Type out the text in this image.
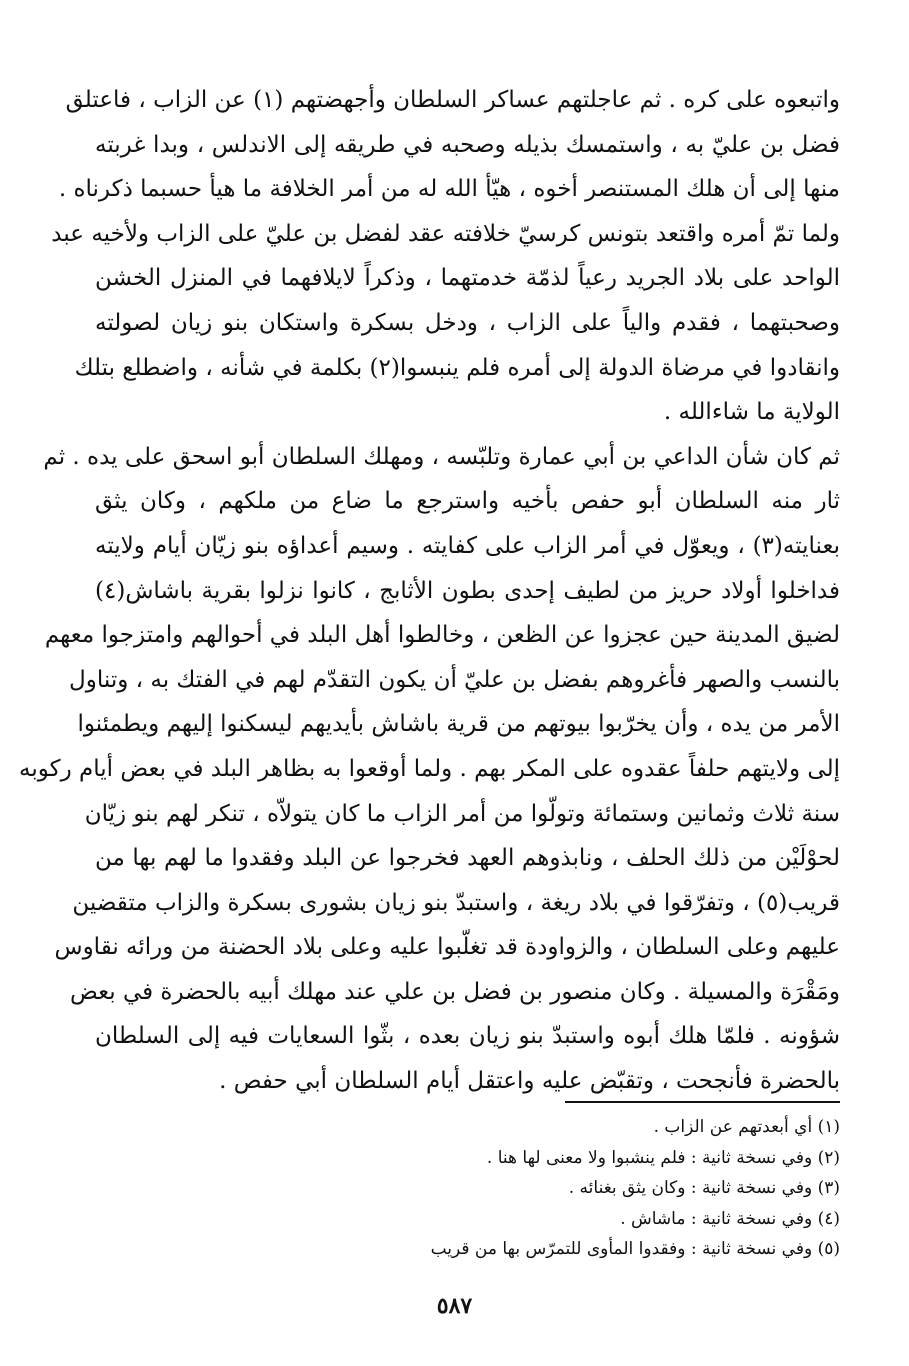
واتبعوه على كره . ثم عاجلتهم عساكر السلطان وأجهضتهم (١) عن الزاب ، فاعتلق
فضل بن عليّ به ، واستمسك بذيله وصحبه في طريقه إلى الاندلس ، وبدا غربته
منها إلى أن هلك المستنصر أخوه ، هيّأ الله له من أمر الخلافة ما هيأ حسبما ذكرناه .
ولما تمّ أمره واقتعد بتونس كرسيّ خلافته عقد لفضل بن عليّ على الزاب ولأخيه عبد
الواحد على بلاد الجريد رعياً لذمّة خدمتهما ، وذكراً لايلافهما في المنزل الخشن
وصحبتهما ، فقدم والياً على الزاب ، ودخل بسكرة واستكان بنو زيان لصولته
وانقادوا في مرضاة الدولة إلى أمره فلم ينبسوا(٢) بكلمة في شأنه ، واضطلع بتلك
الولاية ما شاءالله .
ثم كان شأن الداعي بن أبي عمارة وتلبّسه ، ومهلك السلطان أبو اسحق على يده . ثم
ثار منه السلطان أبو حفص بأخيه واسترجع ما ضاع من ملكهم ، وكان يثق
بعنايته(٣) ، ويعوّل في أمر الزاب على كفايته . وسيم أعداؤه بنو زيّان أيام ولايته
فداخلوا أولاد حريز من لطيف إحدى بطون الأثابج ، كانوا نزلوا بقرية باشاش(٤)
لضيق المدينة حين عجزوا عن الظعن ، وخالطوا أهل البلد في أحوالهم وامتزجوا معهم
بالنسب والصهر فأغروهم بفضل بن عليّ أن يكون التقدّم لهم في الفتك به ، وتناول
الأمر من يده ، وأن يخرّبوا بيوتهم من قرية باشاش بأيديهم ليسكنوا إليهم ويطمئنوا
إلى ولايتهم حلفاً عقدوه على المكر بهم . ولما أوقعوا به بظاهر البلد في بعض أيام ركوبه
سنة ثلاث وثمانين وستمائة وتولّوا من أمر الزاب ما كان يتولاّه ، تنكر لهم بنو زيّان
لحوْلَيْن من ذلك الحلف ، ونابذوهم العهد فخرجوا عن البلد وفقدوا ما لهم بها من
قريب(٥) ، وتفرّقوا في بلاد ريغة ، واستبدّ بنو زيان بشورى بسكرة والزاب متقضين
عليهم وعلى السلطان ، والزواودة قد تغلّبوا عليه وعلى بلاد الحضنة من ورائه نقاوس
ومَقْرَة والمسيلة . وكان منصور بن فضل بن علي عند مهلك أبيه بالحضرة في بعض
شؤونه . فلمّا هلك أبوه واستبدّ بنو زيان بعده ، بثّوا السعايات فيه إلى السلطان
بالحضرة فأنجحت ، وتقبّض عليه واعتقل أيام السلطان أبي حفص .
(١) أي أبعدتهم عن الزاب .
(٢) وفي نسخة ثانية : فلم ينشبوا ولا معنى لها هنا .
(٣) وفي نسخة ثانية : وكان يثق بغنائه .
(٤) وفي نسخة ثانية : ماشاش .
(٥) وفي نسخة ثانية : وفقدوا المأوى للتمرّس بها من قريب
٥٨٧
